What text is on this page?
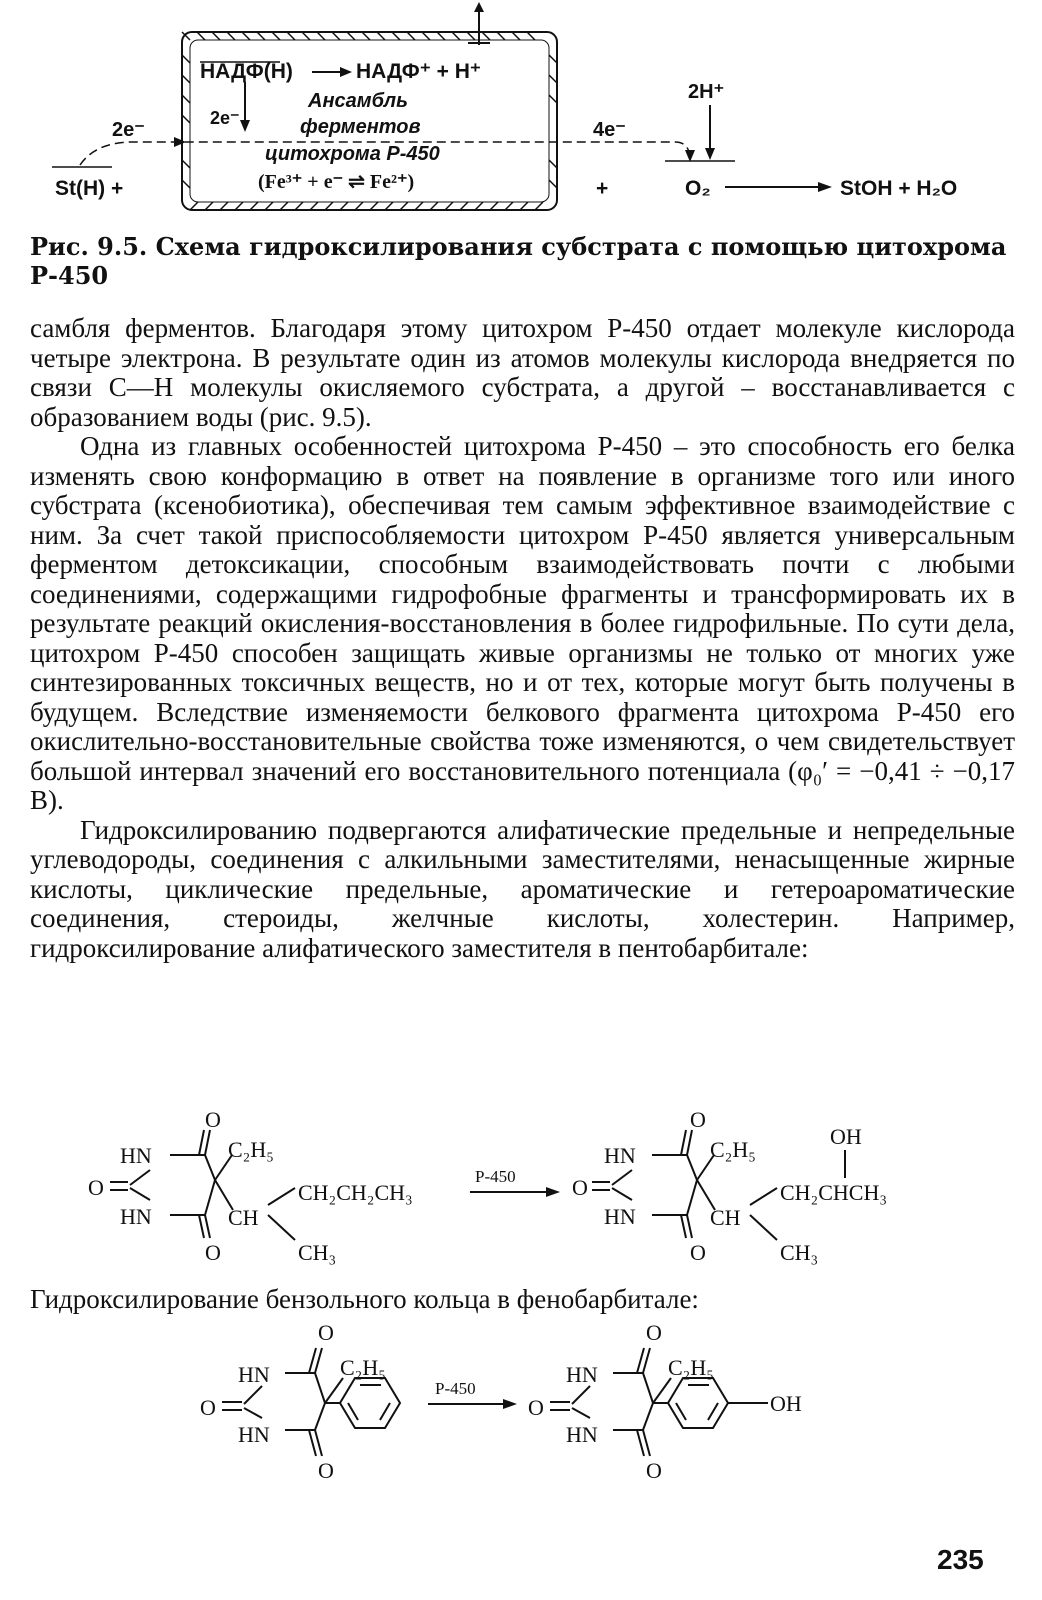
НАДФ(Н)	НАДФ⁺ + Н⁺
2e⁻
Ансамбль
ферментов
цитохрома Р-450
(Fe³⁺ + e⁻ ⇌ Fe²⁺)
2e⁻	4e⁻
2H⁺
St(H) +	+	O₂	StOH + H₂O

Рис. 9.5. Схема гидроксилирования субстрата с помощью цитохрома Р-450

самбля ферментов. Благодаря этому цитохром Р-450 отдает молекуле кислорода четыре электрона. В результате один из атомов молекулы кислорода внедряется по связи С—Н молекулы окисляемого субстрата, а другой – восстанавливается с образованием воды (рис. 9.5).

Одна из главных особенностей цитохрома Р-450 – это способность его белка изменять свою конформацию в ответ на появление в организме того или иного субстрата (ксенобиотика), обеспечивая тем самым эффективное взаимодействие с ним. За счет такой приспособляемости цитохром Р-450 является универсальным ферментом детоксикации, способным взаимодействовать почти с любыми соединениями, содержащими гидрофобные фрагменты и трансформировать их в результате реакций окисления-восстановления в более гидрофильные. По сути дела, цитохром Р-450 способен защищать живые организмы не только от многих уже синтезированных токсичных веществ, но и от тех, которые могут быть получены в будущем. Вследствие изменяемости белкового фрагмента цитохрома Р-450 его окислительно-восстановительные свойства тоже изменяются, о чем свидетельствует большой интервал значений его восстановительного потенциала (φ₀′ = −0,41 ÷ −0,17 В).

Гидроксилированию подвергаются алифатические предельные и непредельные углеводороды, соединения с алкильными заместителями, ненасыщенные жирные кислоты, циклические предельные, ароматические и гетероароматические соединения, стероиды, желчные кислоты, холестерин. Например, гидроксилирование алифатического заместителя в пентобарбитале:

O
HN
O
HN
O
C₂H₅
CH
CH₂CH₂CH₃
CH₃
P-450
O
HN
O
HN
O
C₂H₅
CH
OH
CH₂CHCH₃
CH₃

Гидроксилирование бензольного кольца в фенобарбитале:

O
HN
O
HN
O
C₂H₅
P-450
O
HN
O
HN
O
C₂H₅
OH

235
